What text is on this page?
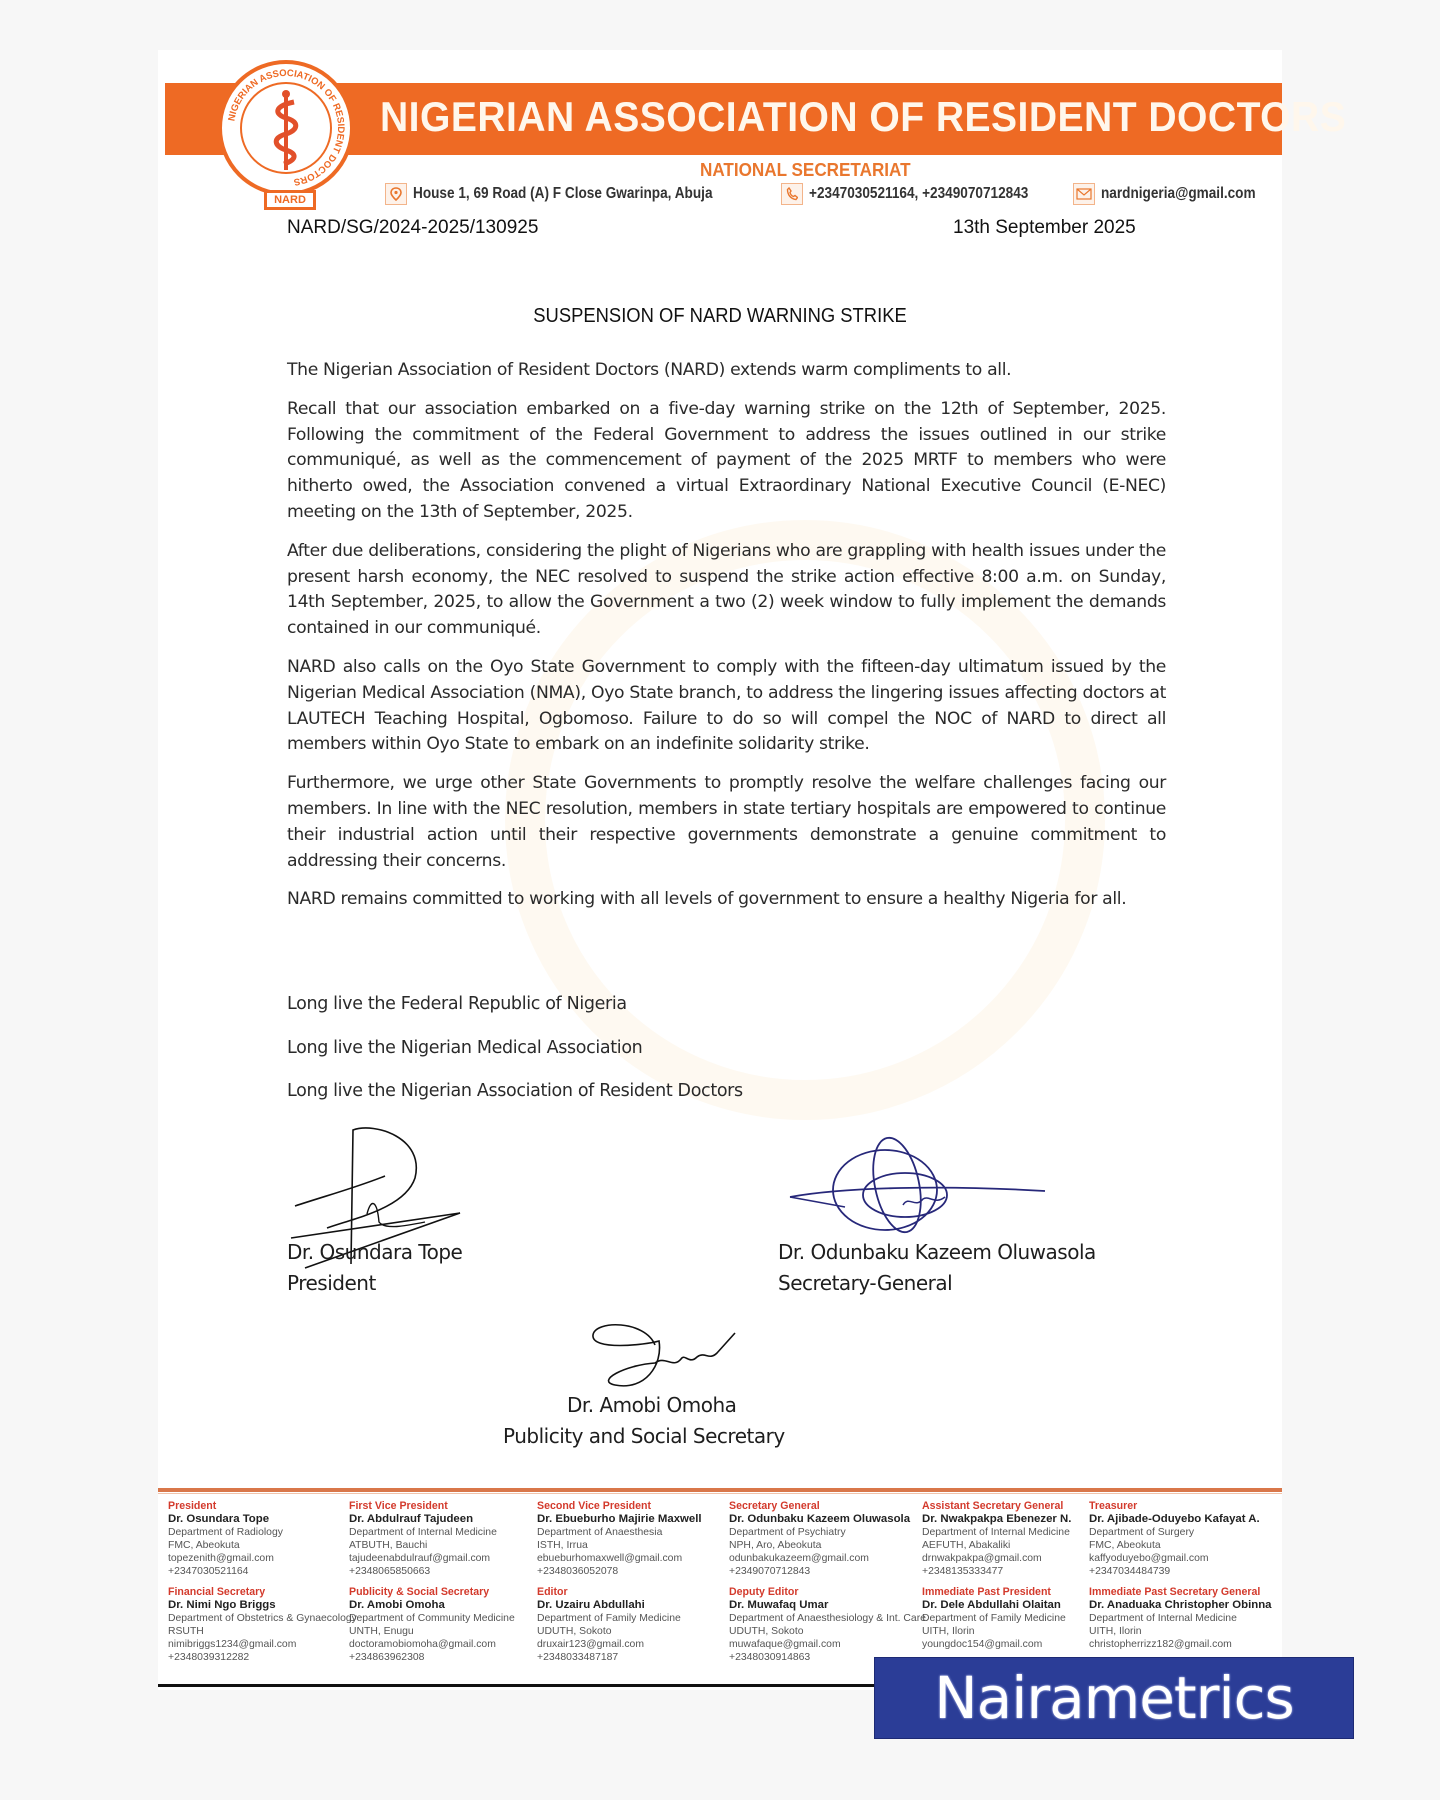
NIGERIAN ASSOCIATION OF RESIDENT DOCTORS
NIGERIAN ASSOCIATION OF RESIDENT DOCTORS
NARD
NATIONAL SECRETARIAT
House 1, 69 Road (A) F Close Gwarinpa, Abuja	+2347030521164, +2349070712843	nardnigeria@gmail.com
NARD/SG/2024-2025/130925	13th September 2025
SUSPENSION OF NARD WARNING STRIKE

The Nigerian Association of Resident Doctors (NARD) extends warm compliments to all.

Recall that our association embarked on a five-day warning strike on the 12th of September, 2025. Following the commitment of the Federal Government to address the issues outlined in our strike communiqué, as well as the commencement of payment of the 2025 MRTF to members who were hitherto owed, the Association convened a virtual Extraordinary National Executive Council (E-NEC) meeting on the 13th of September, 2025.

After due deliberations, considering the plight of Nigerians who are grappling with health issues under the present harsh economy, the NEC resolved to suspend the strike action effective 8:00 a.m. on Sunday, 14th September, 2025, to allow the Government a two (2) week window to fully implement the demands contained in our communiqué.

NARD also calls on the Oyo State Government to comply with the fifteen-day ultimatum issued by the Nigerian Medical Association (NMA), Oyo State branch, to address the lingering issues affecting doctors at LAUTECH Teaching Hospital, Ogbomoso. Failure to do so will compel the NOC of NARD to direct all members within Oyo State to embark on an indefinite solidarity strike.

Furthermore, we urge other State Governments to promptly resolve the welfare challenges facing our members. In line with the NEC resolution, members in state tertiary hospitals are empowered to continue their industrial action until their respective governments demonstrate a genuine commitment to addressing their concerns.

NARD remains committed to working with all levels of government to ensure a healthy Nigeria for all.

Long live the Federal Republic of Nigeria
Long live the Nigerian Medical Association
Long live the Nigerian Association of Resident Doctors
Dr. Osundara Tope
President
Dr. Odunbaku Kazeem Oluwasola
Secretary-General
Dr. Amobi Omoha
Publicity and Social Secretary
President
Dr. Osundara Tope
Department of Radiology
FMC, Abeokuta
topezenith@gmail.com
+2347030521164
First Vice President
Dr. Abdulrauf Tajudeen
Department of Internal Medicine
ATBUTH, Bauchi
tajudeenabdulrauf@gmail.com
+2348065850663
Second Vice President
Dr. Ebueburho Majirie Maxwell
Department of Anaesthesia
ISTH, Irrua
ebueburhomaxwell@gmail.com
+2348036052078
Secretary General
Dr. Odunbaku Kazeem Oluwasola
Department of Psychiatry
NPH, Aro, Abeokuta
odunbakukazeem@gmail.com
+2349070712843
Assistant Secretary General
Dr. Nwakpakpa Ebenezer N.
Department of Internal Medicine
AEFUTH, Abakaliki
drnwakpakpa@gmail.com
+2348135333477
Treasurer
Dr. Ajibade-Oduyebo Kafayat A.
Department of Surgery
FMC, Abeokuta
kaffyoduyebo@gmail.com
+2347034484739
Financial Secretary
Dr. Nimi Ngo Briggs
Department of Obstetrics & Gynaecology
RSUTH
nimibriggs1234@gmail.com
+2348039312282
Publicity & Social Secretary
Dr. Amobi Omoha
Department of Community Medicine
UNTH, Enugu
doctoramobiomoha@gmail.com
+234863962308
Editor
Dr. Uzairu Abdullahi
Department of Family Medicine
UDUTH, Sokoto
druxair123@gmail.com
+2348033487187
Deputy Editor
Dr. Muwafaq Umar
Department of Anaesthesiology & Int. Care
UDUTH, Sokoto
muwafaque@gmail.com
+2348030914863
Immediate Past President
Dr. Dele Abdullahi Olaitan
Department of Family Medicine
UITH, Ilorin
youngdoc154@gmail.com
Immediate Past Secretary General
Dr. Anaduaka Christopher Obinna
Department of Internal Medicine
UITH, Ilorin
christopherrizz182@gmail.com
Nairametrics
